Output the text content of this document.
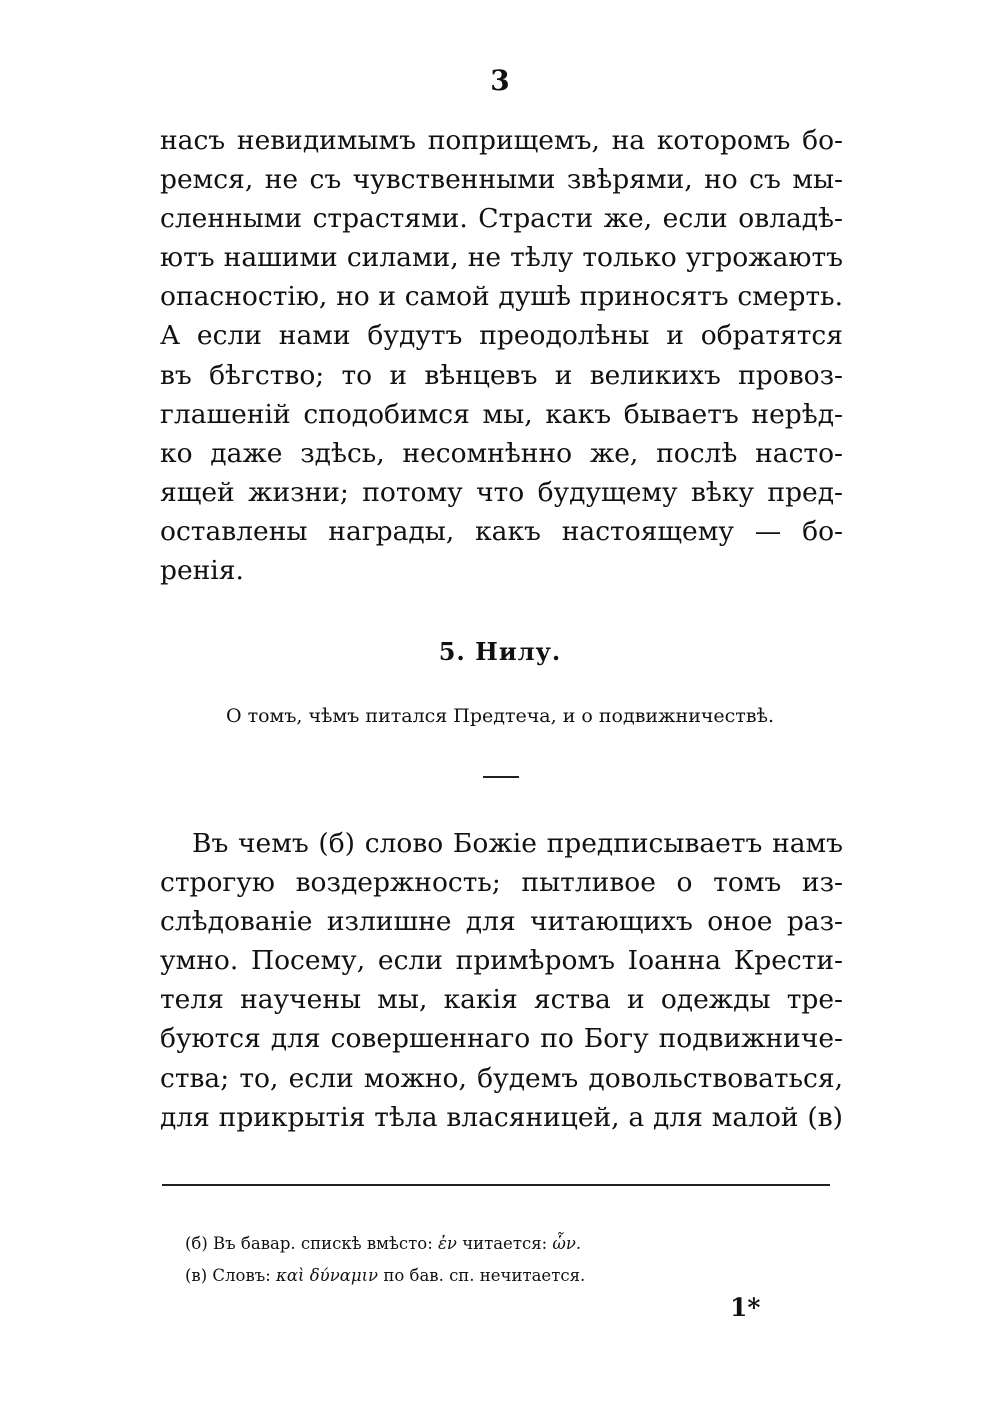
3
насъ невидимымъ поприщемъ, на которомъ бо-
ремся, не съ чувственными звѣрями, но съ мы-
сленными страстями. Страсти же, если овладѣ-
ютъ нашими силами, не тѣлу только угрожаютъ
опасностію, но и самой душѣ приносятъ смерть.
А если нами будутъ преодолѣны и обратятся
въ бѣгство; то и вѣнцевъ и великихъ провоз-
глашеній сподобимся мы, какъ бываетъ нерѣд-
ко даже здѣсь, несомнѣнно же, послѣ насто-
ящей жизни; потому что будущему вѣку пред-
оставлены награды, какъ настоящему — бо-
ренія.
5. Нилу.
О томъ, чѣмъ питался Предтеча, и о подвижничествѣ.
Въ чемъ (б) слово Божіе предписываетъ намъ
строгую воздержность; пытливое о томъ из-
слѣдованіе излишне для читающихъ оное раз-
умно. Посему, если примѣромъ Іоанна Крести-
теля научены мы, какія яства и одежды тре-
буются для совершеннаго по Богу подвижниче-
ства; то, если можно, будемъ довольствоваться,
для прикрытія тѣла власяницей, а для малой (в)
(б) Въ бавар. спискѣ вмѣсто: ἐν читается: ὧν.
(в) Словъ: καὶ δύναμιν по бав. сп. нечитается.
1*
